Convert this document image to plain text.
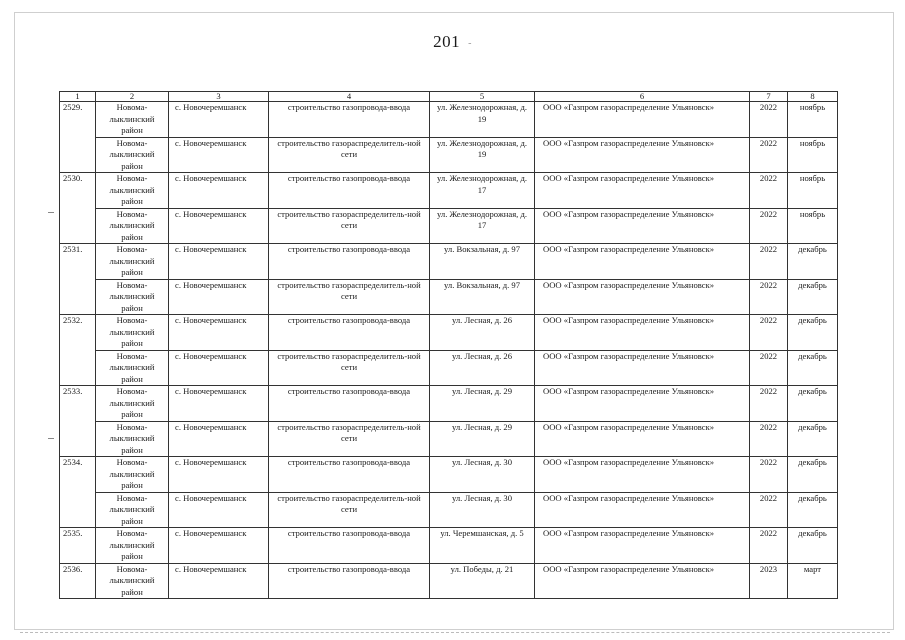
201 -
1	2	3	4	5	6	7	8
2529.	Новома-лыклинский район	с. Новочеремшанск	строительство газопровода-ввода	ул. Железнодорожная, д. 19	ООО «Газпром газораспределение Ульяновск»	2022	ноябрь
	Новома-лыклинский район	с. Новочеремшанск	строительство газораспределитель-ной сети	ул. Железнодорожная, д. 19	ООО «Газпром газораспределение Ульяновск»	2022	ноябрь
2530.	Новома-лыклинский район	с. Новочеремшанск	строительство газопровода-ввода	ул. Железнодорожная, д. 17	ООО «Газпром газораспределение Ульяновск»	2022	ноябрь
	Новома-лыклинский район	с. Новочеремшанск	строительство газораспределитель-ной сети	ул. Железнодорожная, д. 17	ООО «Газпром газораспределение Ульяновск»	2022	ноябрь
2531.	Новома-лыклинский район	с. Новочеремшанск	строительство газопровода-ввода	ул. Вокзальная, д. 97	ООО «Газпром газораспределение Ульяновск»	2022	декабрь
	Новома-лыклинский район	с. Новочеремшанск	строительство газораспределитель-ной сети	ул. Вокзальная, д. 97	ООО «Газпром газораспределение Ульяновск»	2022	декабрь
2532.	Новома-лыклинский район	с. Новочеремшанск	строительство газопровода-ввода	ул. Лесная, д. 26	ООО «Газпром газораспределение Ульяновск»	2022	декабрь
	Новома-лыклинский район	с. Новочеремшанск	строительство газораспределитель-ной сети	ул. Лесная, д. 26	ООО «Газпром газораспределение Ульяновск»	2022	декабрь
2533.	Новома-лыклинский район	с. Новочеремшанск	строительство газопровода-ввода	ул. Лесная, д. 29	ООО «Газпром газораспределение Ульяновск»	2022	декабрь
	Новома-лыклинский район	с. Новочеремшанск	строительство газораспределитель-ной сети	ул. Лесная, д. 29	ООО «Газпром газораспределение Ульяновск»	2022	декабрь
2534.	Новома-лыклинский район	с. Новочеремшанск	строительство газопровода-ввода	ул. Лесная, д. 30	ООО «Газпром газораспределение Ульяновск»	2022	декабрь
	Новома-лыклинский район	с. Новочеремшанск	строительство газораспределитель-ной сети	ул. Лесная, д. 30	ООО «Газпром газораспределение Ульяновск»	2022	декабрь
2535.	Новома-лыклинский район	с. Новочеремшанск	строительство газопровода-ввода	ул. Черемшанская, д. 5	ООО «Газпром газораспределение Ульяновск»	2022	декабрь
2536.	Новома-лыклинский район	с. Новочеремшанск	строительство газопровода-ввода	ул. Победы, д. 21	ООО «Газпром газораспределение Ульяновск»	2023	март
